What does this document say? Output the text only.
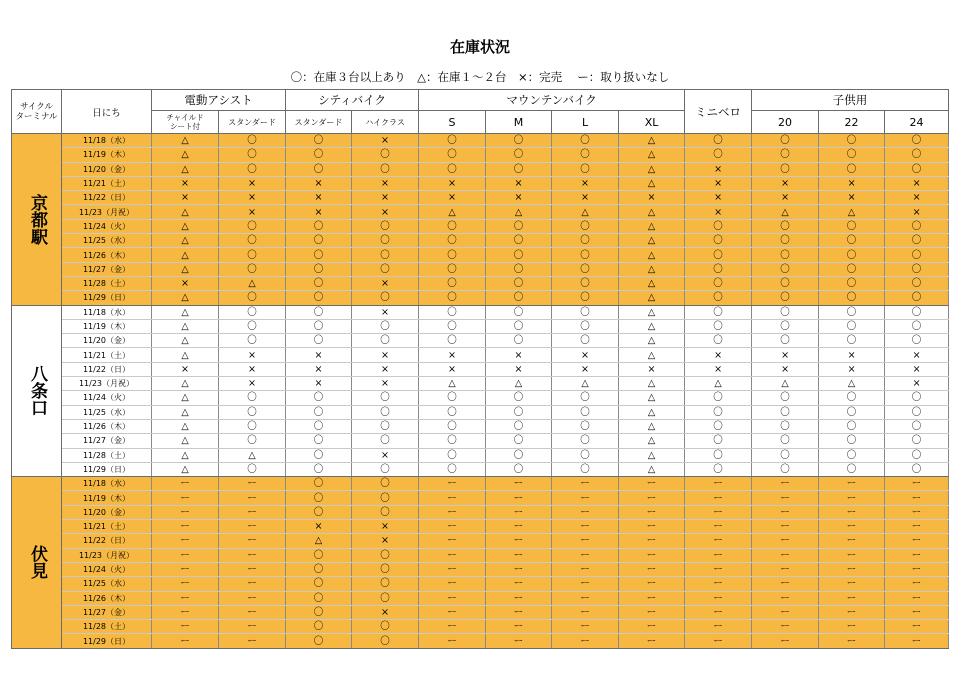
在庫状況
〇：在庫３台以上あり　△：在庫１～２台　×：完売　 ー：取り扱いなし
サイクル
ターミナル	日にち	電動アシスト		シティバイク		マウンテンバイク				ミニベロ	子供用		
		チャイルド
シート付	スタンダード	スタンダード	ハイクラス	S	M	L	XL		20	22	24
京都駅	11/18（水）	△	〇	〇	×	〇	〇	〇	△	〇	〇	〇	〇
	11/19（木）	△	〇	〇	〇	〇	〇	〇	△	〇	〇	〇	〇
	11/20（金）	△	〇	〇	〇	〇	〇	〇	△	×	〇	〇	〇
	11/21（土）	×	×	×	×	×	×	×	△	×	×	×	×
	11/22（日）	×	×	×	×	×	×	×	×	×	×	×	×
	11/23（月祝）	△	×	×	×	△	△	△	△	×	△	△	×
	11/24（火）	△	〇	〇	〇	〇	〇	〇	△	〇	〇	〇	〇
	11/25（水）	△	〇	〇	〇	〇	〇	〇	△	〇	〇	〇	〇
	11/26（木）	△	〇	〇	〇	〇	〇	〇	△	〇	〇	〇	〇
	11/27（金）	△	〇	〇	〇	〇	〇	〇	△	〇	〇	〇	〇
	11/28（土）	×	△	〇	×	〇	〇	〇	△	〇	〇	〇	〇
	11/29（日）	△	〇	〇	〇	〇	〇	〇	△	〇	〇	〇	〇
八条口	11/18（水）	△	〇	〇	×	〇	〇	〇	△	〇	〇	〇	〇
	11/19（木）	△	〇	〇	〇	〇	〇	〇	△	〇	〇	〇	〇
	11/20（金）	△	〇	〇	〇	〇	〇	〇	△	〇	〇	〇	〇
	11/21（土）	△	×	×	×	×	×	×	△	×	×	×	×
	11/22（日）	×	×	×	×	×	×	×	×	×	×	×	×
	11/23（月祝）	△	×	×	×	△	△	△	△	△	△	△	×
	11/24（火）	△	〇	〇	〇	〇	〇	〇	△	〇	〇	〇	〇
	11/25（水）	△	〇	〇	〇	〇	〇	〇	△	〇	〇	〇	〇
	11/26（木）	△	〇	〇	〇	〇	〇	〇	△	〇	〇	〇	〇
	11/27（金）	△	〇	〇	〇	〇	〇	〇	△	〇	〇	〇	〇
	11/28（土）	△	△	〇	×	〇	〇	〇	△	〇	〇	〇	〇
	11/29（日）	△	〇	〇	〇	〇	〇	〇	△	〇	〇	〇	〇
伏見	11/18（水）	ー	ー	〇	〇	ー	ー	ー	ー	ー	ー	ー	ー
	11/19（木）	ー	ー	〇	〇	ー	ー	ー	ー	ー	ー	ー	ー
	11/20（金）	ー	ー	〇	〇	ー	ー	ー	ー	ー	ー	ー	ー
	11/21（土）	ー	ー	×	×	ー	ー	ー	ー	ー	ー	ー	ー
	11/22（日）	ー	ー	△	×	ー	ー	ー	ー	ー	ー	ー	ー
	11/23（月祝）	ー	ー	〇	〇	ー	ー	ー	ー	ー	ー	ー	ー
	11/24（火）	ー	ー	〇	〇	ー	ー	ー	ー	ー	ー	ー	ー
	11/25（水）	ー	ー	〇	〇	ー	ー	ー	ー	ー	ー	ー	ー
	11/26（木）	ー	ー	〇	〇	ー	ー	ー	ー	ー	ー	ー	ー
	11/27（金）	ー	ー	〇	×	ー	ー	ー	ー	ー	ー	ー	ー
	11/28（土）	ー	ー	〇	〇	ー	ー	ー	ー	ー	ー	ー	ー
	11/29（日）	ー	ー	〇	〇	ー	ー	ー	ー	ー	ー	ー	ー
